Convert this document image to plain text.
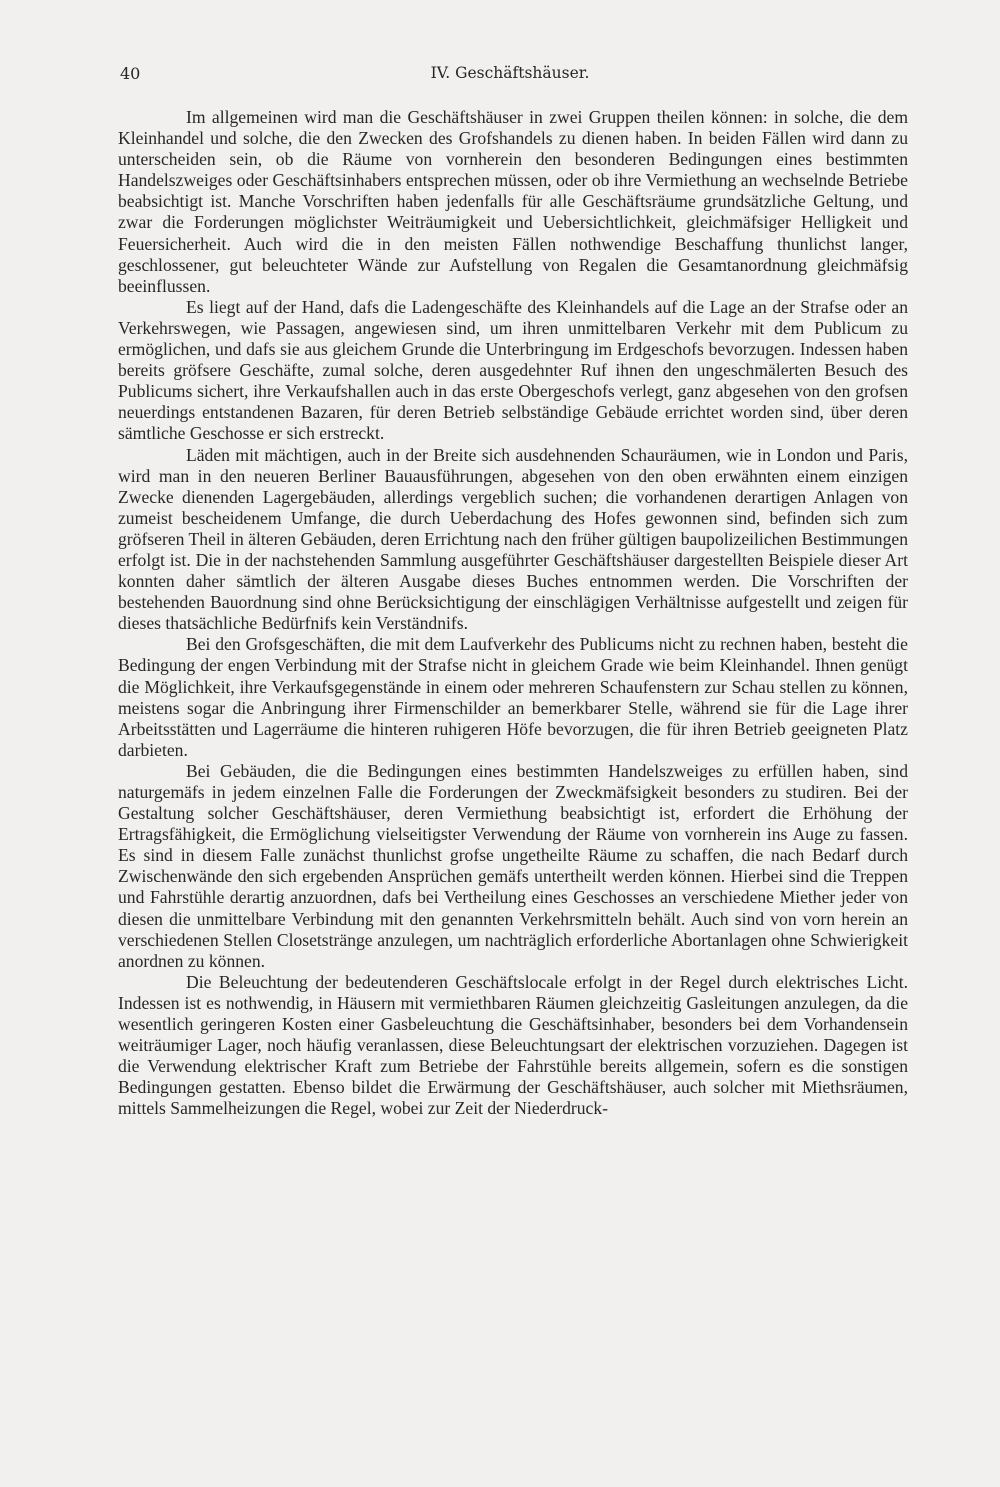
40	IV. Geschäftshäuser.

Im allgemeinen wird man die Geschäftshäuser in zwei Gruppen theilen können: in solche, die dem Kleinhandel und solche, die den Zwecken des Grofshandels zu dienen haben. In beiden Fällen wird dann zu unterscheiden sein, ob die Räume von vornherein den besonderen Bedingungen eines bestimmten Handelszweiges oder Geschäftsinhabers entsprechen müssen, oder ob ihre Vermiethung an wechselnde Betriebe beabsichtigt ist. Manche Vorschriften haben jedenfalls für alle Geschäftsräume grundsätzliche Geltung, und zwar die Forderungen möglichster Weiträumigkeit und Uebersichtlichkeit, gleichmäfsiger Helligkeit und Feuersicherheit. Auch wird die in den meisten Fällen nothwendige Beschaffung thunlichst langer, geschlossener, gut beleuchteter Wände zur Aufstellung von Regalen die Gesamtanordnung gleichmäfsig beeinflussen.

Es liegt auf der Hand, dafs die Ladengeschäfte des Kleinhandels auf die Lage an der Strafse oder an Verkehrswegen, wie Passagen, angewiesen sind, um ihren unmittelbaren Verkehr mit dem Publicum zu ermöglichen, und dafs sie aus gleichem Grunde die Unterbringung im Erdgeschofs bevorzugen. Indessen haben bereits gröfsere Geschäfte, zumal solche, deren ausgedehnter Ruf ihnen den ungeschmälerten Besuch des Publicums sichert, ihre Verkaufshallen auch in das erste Obergeschofs verlegt, ganz abgesehen von den grofsen neuerdings entstandenen Bazaren, für deren Betrieb selbständige Gebäude errichtet worden sind, über deren sämtliche Geschosse er sich erstreckt.

Läden mit mächtigen, auch in der Breite sich ausdehnenden Schauräumen, wie in London und Paris, wird man in den neueren Berliner Bauausführungen, abgesehen von den oben erwähnten einem einzigen Zwecke dienenden Lagergebäuden, allerdings vergeblich suchen; die vorhandenen derartigen Anlagen von zumeist bescheidenem Umfange, die durch Ueberdachung des Hofes gewonnen sind, befinden sich zum gröfseren Theil in älteren Gebäuden, deren Errichtung nach den früher gültigen baupolizeilichen Bestimmungen erfolgt ist. Die in der nachstehenden Sammlung ausgeführter Geschäftshäuser dargestellten Beispiele dieser Art konnten daher sämtlich der älteren Ausgabe dieses Buches entnommen werden. Die Vorschriften der bestehenden Bauordnung sind ohne Berücksichtigung der einschlägigen Verhältnisse aufgestellt und zeigen für dieses thatsächliche Bedürfnifs kein Verständnifs.

Bei den Grofsgeschäften, die mit dem Laufverkehr des Publicums nicht zu rechnen haben, besteht die Bedingung der engen Verbindung mit der Strafse nicht in gleichem Grade wie beim Kleinhandel. Ihnen genügt die Möglichkeit, ihre Verkaufsgegenstände in einem oder mehreren Schaufenstern zur Schau stellen zu können, meistens sogar die Anbringung ihrer Firmenschilder an bemerkbarer Stelle, während sie für die Lage ihrer Arbeitsstätten und Lagerräume die hinteren ruhigeren Höfe bevorzugen, die für ihren Betrieb geeigneten Platz darbieten.

Bei Gebäuden, die die Bedingungen eines bestimmten Handelszweiges zu erfüllen haben, sind naturgemäfs in jedem einzelnen Falle die Forderungen der Zweckmäfsigkeit besonders zu studiren. Bei der Gestaltung solcher Geschäftshäuser, deren Vermiethung beabsichtigt ist, erfordert die Erhöhung der Ertragsfähigkeit, die Ermöglichung vielseitigster Verwendung der Räume von vornherein ins Auge zu fassen. Es sind in diesem Falle zunächst thunlichst grofse ungetheilte Räume zu schaffen, die nach Bedarf durch Zwischenwände den sich ergebenden Ansprüchen gemäfs untertheilt werden können. Hierbei sind die Treppen und Fahrstühle derartig anzuordnen, dafs bei Vertheilung eines Geschosses an verschiedene Miether jeder von diesen die unmittelbare Verbindung mit den genannten Verkehrsmitteln behält. Auch sind von vorn herein an verschiedenen Stellen Closetstränge anzulegen, um nachträglich erforderliche Abortanlagen ohne Schwierigkeit anordnen zu können.

Die Beleuchtung der bedeutenderen Geschäftslocale erfolgt in der Regel durch elektrisches Licht. Indessen ist es nothwendig, in Häusern mit vermiethbaren Räumen gleichzeitig Gasleitungen anzulegen, da die wesentlich geringeren Kosten einer Gasbeleuchtung die Geschäftsinhaber, besonders bei dem Vorhandensein weiträumiger Lager, noch häufig veranlassen, diese Beleuchtungsart der elektrischen vorzuziehen. Dagegen ist die Verwendung elektrischer Kraft zum Betriebe der Fahrstühle bereits allgemein, sofern es die sonstigen Bedingungen gestatten. Ebenso bildet die Erwärmung der Geschäftshäuser, auch solcher mit Miethsräumen, mittels Sammelheizungen die Regel, wobei zur Zeit der Niederdruck-
